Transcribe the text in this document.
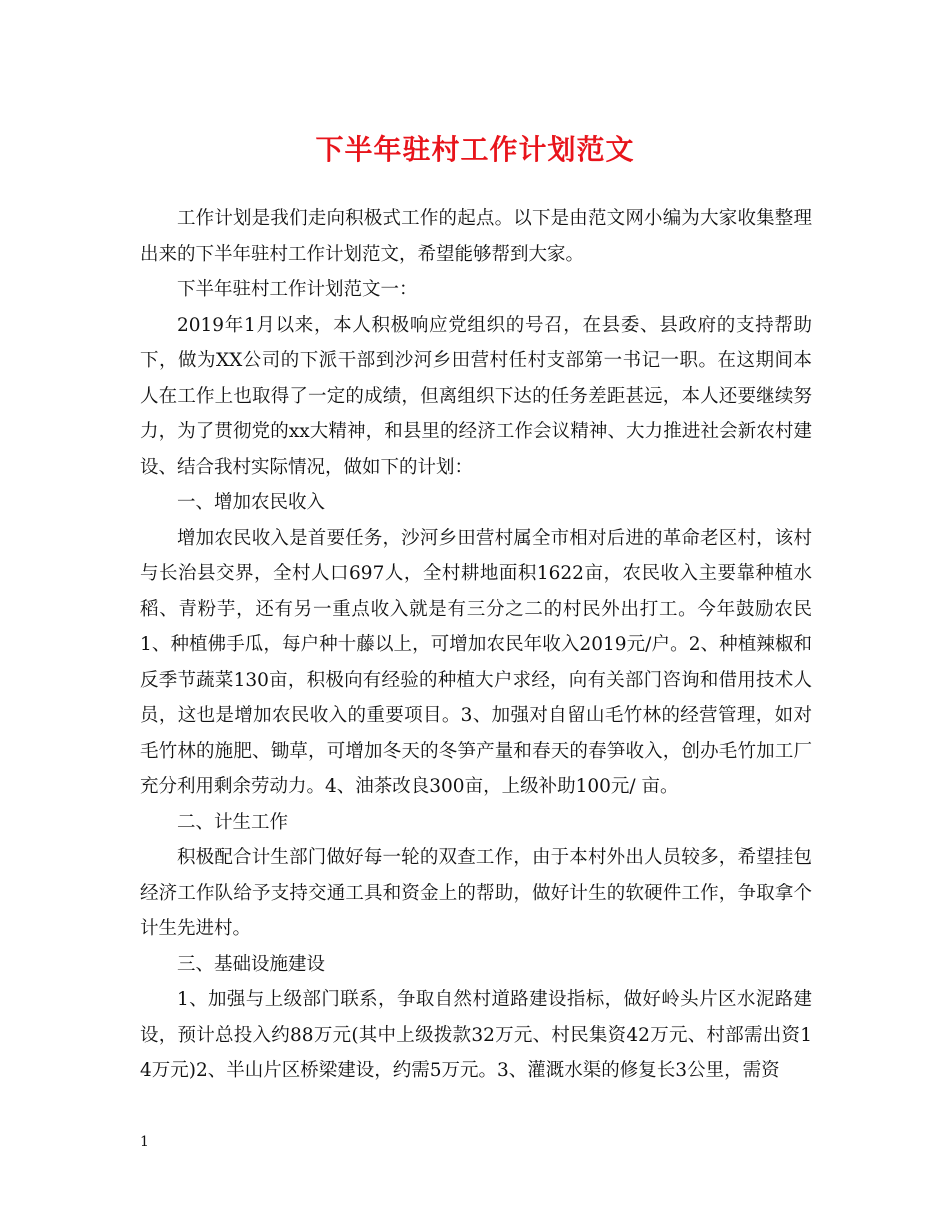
下半年驻村工作计划范文

工作计划是我们走向积极式工作的起点。以下是由范文网小编为大家收集整理出来的下半年驻村工作计划范文，希望能够帮到大家。

下半年驻村工作计划范文一：

2019年1月以来，本人积极响应党组织的号召，在县委、县政府的支持帮助下，做为XX公司的下派干部到沙河乡田营村任村支部第一书记一职。在这期间本人在工作上也取得了一定的成绩，但离组织下达的任务差距甚远，本人还要继续努力，为了贯彻党的xx大精神，和县里的经济工作会议精神、大力推进社会新农村建设、结合我村实际情况，做如下的计划：

一、增加农民收入

增加农民收入是首要任务，沙河乡田营村属全市相对后进的革命老区村，该村与长治县交界，全村人口697人，全村耕地面积1622亩，农民收入主要靠种植水稻、青粉芋，还有另一重点收入就是有三分之二的村民外出打工。今年鼓励农民1、种植佛手瓜，每户种十藤以上，可增加农民年收入2019元/户。2、种植辣椒和反季节蔬菜130亩，积极向有经验的种植大户求经，向有关部门咨询和借用技术人员，这也是增加农民收入的重要项目。3、加强对自留山毛竹林的经营管理，如对毛竹林的施肥、锄草，可增加冬天的冬笋产量和春天的春笋收入，创办毛竹加工厂充分利用剩余劳动力。4、油茶改良300亩，上级补助100元/ 亩。

二、计生工作

积极配合计生部门做好每一轮的双查工作，由于本村外出人员较多，希望挂包经济工作队给予支持交通工具和资金上的帮助，做好计生的软硬件工作，争取拿个计生先进村。

三、基础设施建设

1、加强与上级部门联系，争取自然村道路建设指标，做好岭头片区水泥路建设，预计总投入约88万元(其中上级拨款32万元、村民集资42万元、村部需出资14万元)2、半山片区桥梁建设，约需5万元。3、灌溉水渠的修复长3公里，需资

1
